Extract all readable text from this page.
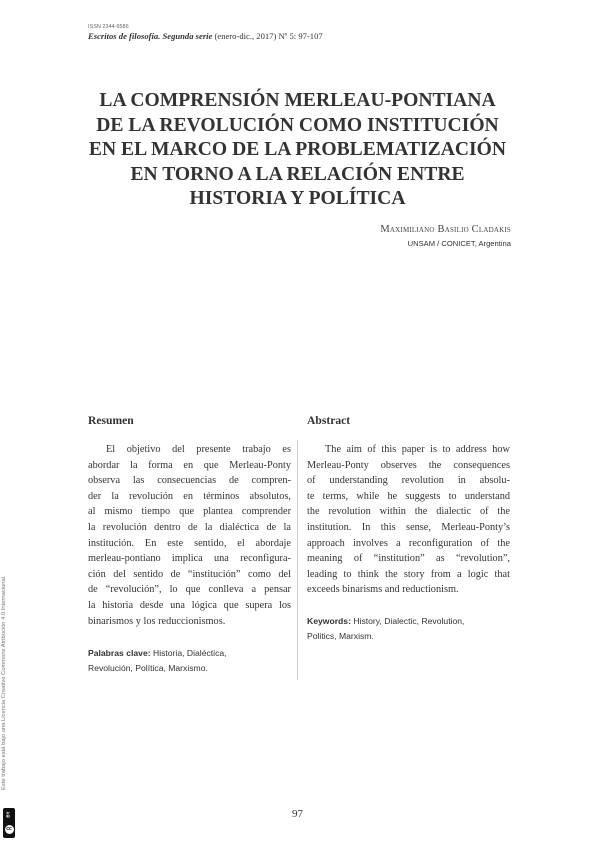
ISSN 2344-9586
Escritos de filosofía. Segunda serie (enero-dic., 2017) Nº 5: 97-107
LA COMPRENSIÓN MERLEAU-PONTIANA
DE LA REVOLUCIÓN COMO INSTITUCIÓN
EN EL MARCO DE LA PROBLEMATIZACIÓN
EN TORNO A LA RELACIÓN ENTRE
HISTORIA Y POLÍTICA
Maximiliano Basilio Cladakis
UNSAM / CONICET, Argentina
Resumen

El objetivo del presente trabajo es
abordar la forma en que Merleau-Ponty
observa las consecuencias de compren-
der la revolución en términos absolutos,
al mismo tiempo que plantea comprender
la revolución dentro de la dialéctica de la
institución. En este sentido, el abordaje
merleau-pontiano implica una reconfigura-
ción del sentido de “institución” como del
de “revolución”, lo que conlleva a pensar
la historia desde una lógica que supera los
binarismos y los reduccionismos.

Palabras clave: Historia, Dialéctica,
Revolución, Política, Marxismo.

Abstract

The aim of this paper is to address how
Merleau-Ponty observes the consequences
of understanding revolution in absolu-
te terms, while he suggests to understand
the revolution within the dialectic of the
institution. In this sense, Merleau-Ponty’s
approach involves a reconfiguration of the
meaning of “institution” as “revolution”,
leading to think the story from a logic that
exceeds binarisms and reductionism.

Keywords: History, Dialectic, Revolution,
Politics, Marxism.

Este trabajo está bajo una Licencia Creative Commons Atribución 4.0 Internacional.
BY
cc
97
